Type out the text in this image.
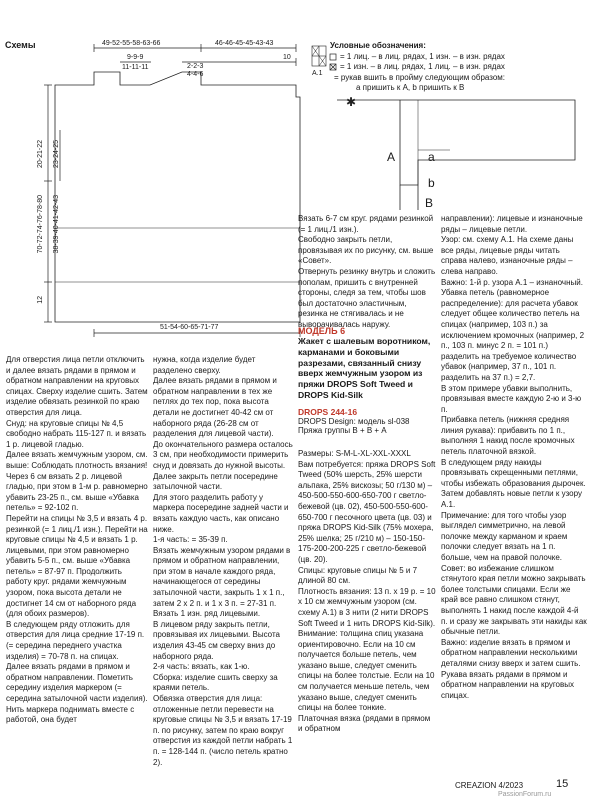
Схемы
✱
49-52-55-58-63-66	46-46-45-45-43-43
9-9-9
11-11-11	2-2-3
4-4-6
10
20-21-22 23-24-25
70-72-74-76-78-80 38-39-40-41-42-43
12
51-54-60-65-71-77
А.1
Условные обозначения:
= 1 лиц. – в лиц. рядах, 1 изн. – в изн. рядах
= 1 изн. – в лиц. рядах, 1 лиц. – в изн. рядах
= рукав вшить в пройму следующим образом:
а пришить к А, b пришить к В
А	a
b
В
Для отверстия лица петли отключить и далее вязать рядами в прямом и обратном направлении на круговых спицах. Сверху изделие сшить. Затем изделие обвязать резинкой по краю отверстия для лица.
Снуд: на круговые спицы № 4,5 свободно набрать 115-127 п. и вязать 1 р. лицевой гладью.
Далее вязать жемчужным узором, см. выше: Соблюдать плотность вязания!
Через 6 см вязать 2 р. лицевой гладью, при этом в 1-м р. равномерно убавить 23-25 п., см. выше «Убавка петель» = 92-102 п.
Перейти на спицы № 3,5 и вязать 4 р. резинкой (= 1 лиц./1 изн.). Перейти на круговые спицы № 4,5 и вязать 1 р. лицевыми, при этом равномерно убавить 5-5 п., см. выше «Убавка петель» = 87-97 п. Продолжить работу круг. рядами жемчужным узором, пока высота детали не достигнет 14 см от наборного ряда (для обоих размеров).
В следующем ряду отложить для отверстия для лица средние 17-19 п. (= середина переднего участка изделия) = 70-78 п. на спицах.
Далее вязать рядами в прямом и обратном направлении. Пометить середину изделия маркером (= середина затылочной части изделия).
Нить маркера поднимать вместе с работой, она будет
нужна, когда изделие будет разделено сверху.
Далее вязать рядами в прямом и обратном направлении в тех же петлях до тех пор, пока высота детали не достигнет 40-42 см от наборного ряда (26-28 см от разделения для лицевой части).
До окончательного размера осталось 3 см, при необходимости примерить снуд и довязать до нужной высоты.
Далее закрыть петли посередине затылочной части.
Для этого разделить работу у маркера посередине задней части и вязать каждую часть, как описано ниже.
1-я часть: = 35-39 п.
Вязать жемчужным узором рядами в прямом и обратном направлении, при этом в начале каждого ряда, начинающегося от середины затылочной части, закрыть 1 х 1 п., затем 2 х 2 п. и 1 х 3 п. = 27-31 п.
Вязать 1 изн. ряд лицевыми.
В лицевом ряду закрыть петли, провязывая их лицевыми. Высота изделия 43-45 см сверху вниз до наборного ряда.
2-я часть: вязать, как 1-ю.
Сборка: изделие сшить сверху за краями петель.
Обвязка отверстия для лица: отложенные петли перевести на круговые спицы № 3,5 и вязать 17-19 п. по рисунку, затем по краю вокруг отверстия из каждой петли набрать 1 п. = 128-144 п. (число петель кратно 2).
Вязать 6-7 см круг. рядами резинкой (= 1 лиц./1 изн.).
Свободно закрыть петли, провязывая их по рисунку, см. выше «Совет».
Отвернуть резинку внутрь и сложить пополам, пришить с внутренней стороны, следя за тем, чтобы шов был достаточно эластичным, резинка не стягивалась и не выворачивалась наружу.
МОДЕЛЬ 6
Жакет с шалевым воротником, карманами и боковыми разрезами, связанный снизу вверх жемчужным узором из пряжи DROPS Soft Tweed и DROPS Kid-Silk
DROPS 244-16
DROPS Design: модель sl-038
Пряжа группы В + В + А
Размеры: S-M-L-XL-XXL-XXXL
Вам потребуется: пряжа DROPS Soft Tweed (50% шерсть, 25% шерсти альпака, 25% вискозы; 50 г/130 м) – 450-500-550-600-650-700 г светло-бежевой (цв. 02), 450-500-550-600-650-700 г песочного цвета (цв. 03) и пряжа DROPS Kid-Silk (75% мохера, 25% шелка; 25 г/210 м) – 150-150-175-200-200-225 г светло-бежевой (цв. 20).
Спицы: круговые спицы № 5 и 7 длиной 80 см.
Плотность вязания: 13 п. х 19 р. = 10 х 10 см жемчужным узором (см. схему А.1) в 3 нити (2 нити DROPS Soft Tweed и 1 нить DROPS Kid-Silk).
Внимание: толщина спиц указана ориентировочно. Если на 10 см получается больше петель, чем указано выше, следует сменить спицы на более толстые. Если на 10 см получается меньше петель, чем указано выше, следует сменить спицы на более тонкие.
Платочная вязка (рядами в прямом и обратном
направлении): лицевые и изнаночные ряды – лицевые петли.
Узор: см. схему А.1. На схеме даны все ряды, лицевые ряды читать справа налево, изнаночные ряды – слева направо.
Важно: 1-й р. узора А.1 – изнаночный.
Убавка петель (равномерное распределение): для расчета убавок следует общее количество петель на спицах (например, 103 п.) за исключением кромочных (например, 2 п., 103 п. минус 2 п. = 101 п.) разделить на требуемое количество убавок (например, 37 п., 101 п. разделить на 37 п.) = 2,7.
В этом примере убавки выполнить, провязывая вместе каждую 2-ю и 3-ю п.
Прибавка петель (нижняя средняя линия рукава): прибавить по 1 п., выполняя 1 накид после кромочных петель платочной вязкой.
В следующем ряду накиды провязывать скрещенными петлями, чтобы избежать образования дырочек. Затем добавлять новые петли к узору А.1.
Примечание: для того чтобы узор выглядел симметрично, на левой полочке между карманом и краем полочки следует вязать на 1 п. больше, чем на правой полочке.
Совет: во избежание слишком стянутого края петли можно закрывать более толстыми спицами. Если же край все равно слишком стянут, выполнять 1 накид после каждой 4-й п. и сразу же закрывать эти накиды как обычные петли.
Важно: изделие вязать в прямом и обратном направлении несколькими деталями снизу вверх и затем сшить.
Рукава вязать рядами в прямом и обратном направлении на круговых спицах.
CREAZION 4/2023	15
PassionForum.ru
